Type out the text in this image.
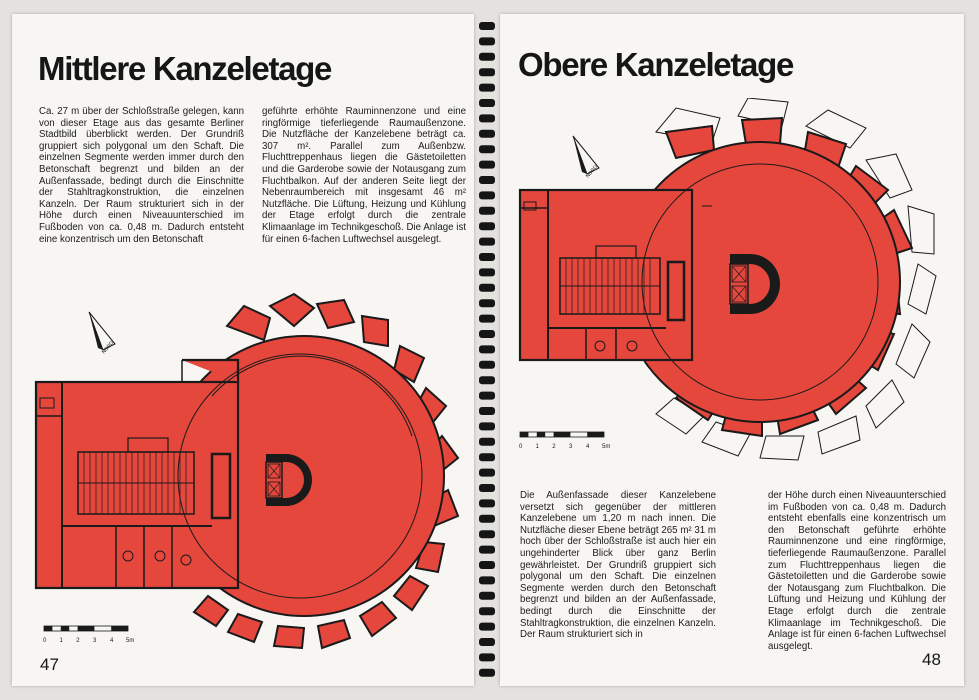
Mittlere Kanzeletage
Ca. 27 m über der Schloßstraße gelegen, kann von dieser Etage aus das gesamte Berliner Stadtbild überblickt werden. Der Grundriß gruppiert sich polygonal um den Schaft. Die einzelnen Segmente werden immer durch den Betonschaft begrenzt und bilden an der Außenfassade, bedingt durch die Einschnitte der Stahltragkonstruktion, die einzelnen Kanzeln. Der Raum strukturiert sich in der Höhe durch einen Niveauunterschied im Fußboden von ca. 0,48 m. Dadurch entsteht eine konzentrisch um den Betonschaft
geführte erhöhte Rauminnenzone und eine ringförmige tieferliegende Raumaußenzone. Die Nutzfläche der Kanzelebene beträgt ca. 307 m². Parallel zum Außenbzw. Fluchttreppenhaus liegen die Gästetoiletten und die Garderobe sowie der Notausgang zum Fluchtbalkon. Auf der anderen Seite liegt der Nebenraumbereich mit insgesamt 46 m² Nutzfläche. Die Lüftung, Heizung und Kühlung der Etage erfolgt durch die zentrale Klimaanlage im Technikgeschoß. Die Anlage ist für einen 6-fachen Luftwechsel ausgelegt.
NORD
0 1 2 3 4 5m
47
Obere Kanzeletage
NORD
0 1 2 3 4 5m
Die Außenfassade dieser Kanzelebene versetzt sich gegenüber der mittleren Kanzelebene um 1,20 m nach innen. Die Nutzfläche dieser Ebene beträgt 265 m² 31 m hoch über der Schloßstraße ist auch hier ein ungehinderter Blick über ganz Berlin gewährleistet. Der Grundriß gruppiert sich polygonal um den Schaft. Die einzelnen Segmente werden durch den Betonschaft begrenzt und bilden an der Außenfassade, bedingt durch die Einschnitte der Stahltragkonstruktion, die einzelnen Kanzeln. Der Raum strukturiert sich in
der Höhe durch einen Niveauunterschied im Fußboden von ca. 0,48 m. Dadurch entsteht ebenfalls eine konzentrisch um den Betonschaft geführte erhöhte Rauminnenzone und eine ringförmige, tieferliegende Raumaußenzone. Parallel zum Fluchttreppenhaus liegen die Gästetoiletten und die Garderobe sowie der Notausgang zum Fluchtbalkon. Die Lüftung und Heizung und Kühlung der Etage erfolgt durch die zentrale Klimaanlage im Technikgeschoß. Die Anlage ist für einen 6-fachen Luftwechsel ausgelegt.
48
